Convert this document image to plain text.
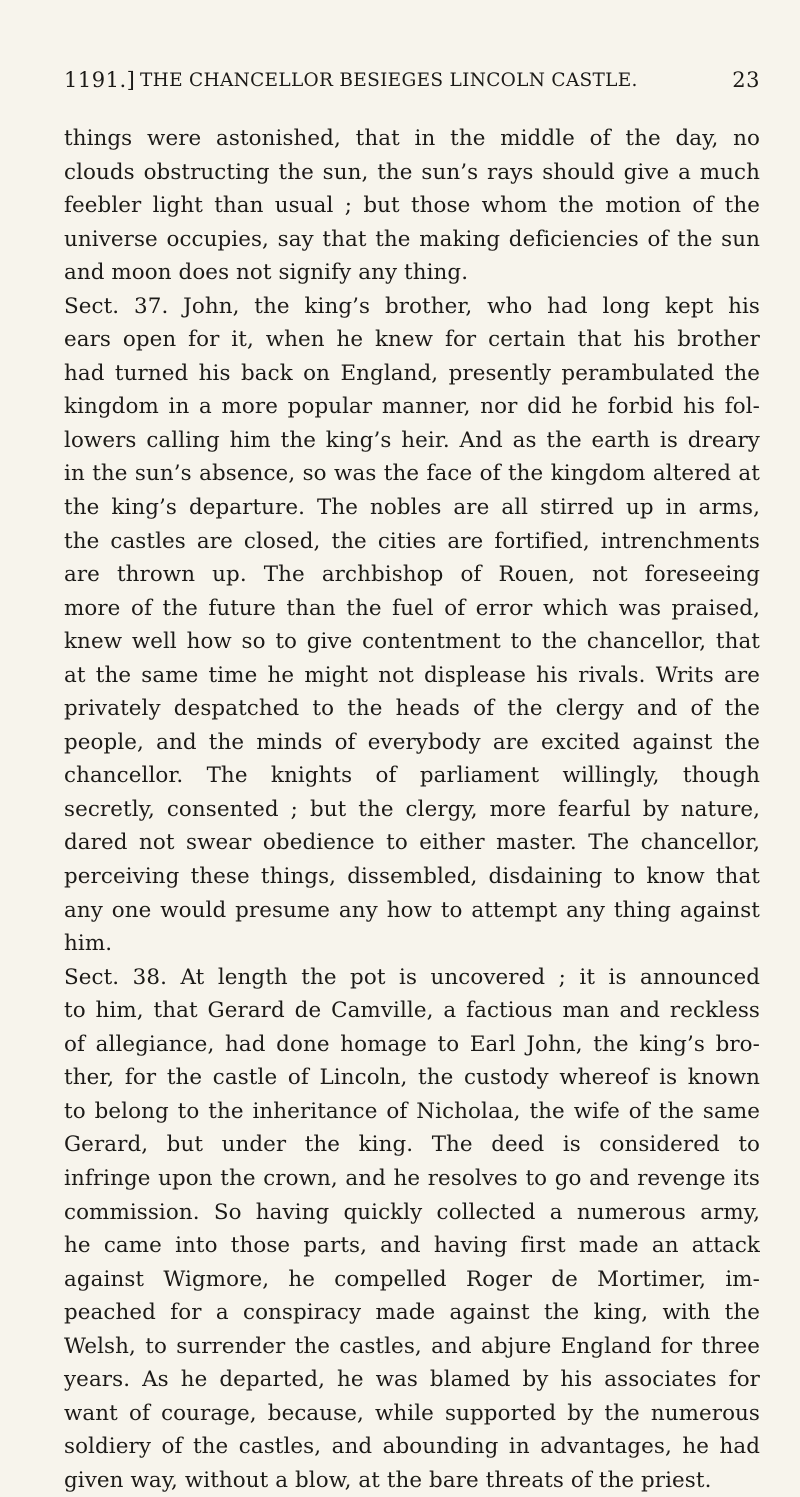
1191.] THE CHANCELLOR BESIEGES LINCOLN CASTLE.	23
things were astonished, that in the middle of the day, no
clouds obstructing the sun, the sun’s rays should give a much
feebler light than usual ; but those whom the motion of the
universe occupies, say that the making deficiencies of the sun
and moon does not signify any thing.
Sect. 37. John, the king’s brother, who had long kept his
ears open for it, when he knew for certain that his brother
had turned his back on England, presently perambulated the
kingdom in a more popular manner, nor did he forbid his fol-
lowers calling him the king’s heir. And as the earth is dreary
in the sun’s absence, so was the face of the kingdom altered at
the king’s departure. The nobles are all stirred up in arms,
the castles are closed, the cities are fortified, intrenchments
are thrown up. The archbishop of Rouen, not foreseeing
more of the future than the fuel of error which was praised,
knew well how so to give contentment to the chancellor, that
at the same time he might not displease his rivals. Writs are
privately despatched to the heads of the clergy and of the
people, and the minds of everybody are excited against the
chancellor. The knights of parliament willingly, though
secretly, consented ; but the clergy, more fearful by nature,
dared not swear obedience to either master. The chancellor,
perceiving these things, dissembled, disdaining to know that
any one would presume any how to attempt any thing against
him.
Sect. 38. At length the pot is uncovered ; it is announced
to him, that Gerard de Camville, a factious man and reckless
of allegiance, had done homage to Earl John, the king’s bro-
ther, for the castle of Lincoln, the custody whereof is known
to belong to the inheritance of Nicholaa, the wife of the same
Gerard, but under the king. The deed is considered to
infringe upon the crown, and he resolves to go and revenge its
commission. So having quickly collected a numerous army,
he came into those parts, and having first made an attack
against Wigmore, he compelled Roger de Mortimer, im-
peached for a conspiracy made against the king, with the
Welsh, to surrender the castles, and abjure England for three
years. As he departed, he was blamed by his associates for
want of courage, because, while supported by the numerous
soldiery of the castles, and abounding in advantages, he had
given way, without a blow, at the bare threats of the priest.
